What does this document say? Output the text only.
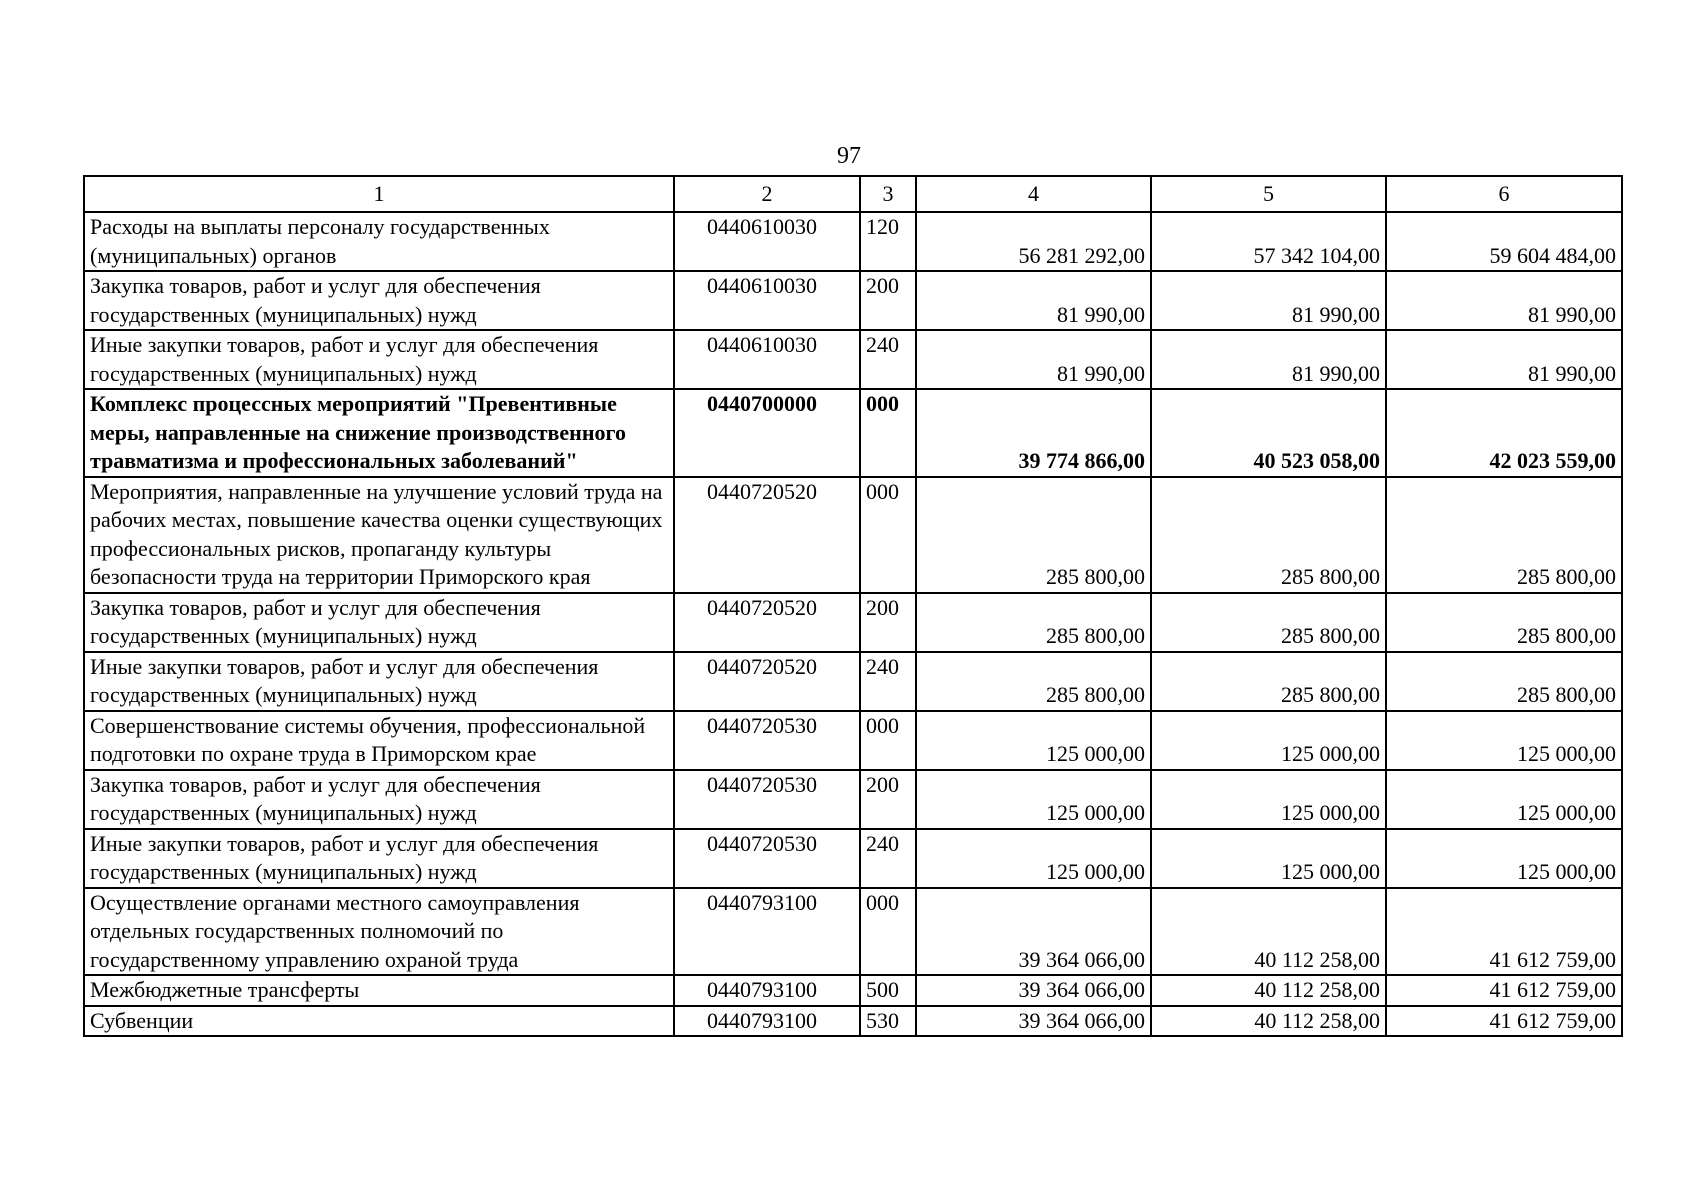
97
1	2	3	4	5	6
Расходы на выплаты персоналу государственных (муниципальных) органов	0440610030	120	56 281 292,00	57 342 104,00	59 604 484,00
Закупка товаров, работ и услуг для обеспечения государственных (муниципальных) нужд	0440610030	200	81 990,00	81 990,00	81 990,00
Иные закупки товаров, работ и услуг для обеспечения государственных (муниципальных) нужд	0440610030	240	81 990,00	81 990,00	81 990,00
Комплекс процессных мероприятий "Превентивные меры, направленные на снижение производственного травматизма и профессиональных заболеваний"	0440700000	000	39 774 866,00	40 523 058,00	42 023 559,00
Мероприятия, направленные на улучшение условий труда на рабочих местах, повышение качества оценки существующих профессиональных рисков, пропаганду культуры безопасности труда на территории Приморского края	0440720520	000	285 800,00	285 800,00	285 800,00
Закупка товаров, работ и услуг для обеспечения государственных (муниципальных) нужд	0440720520	200	285 800,00	285 800,00	285 800,00
Иные закупки товаров, работ и услуг для обеспечения государственных (муниципальных) нужд	0440720520	240	285 800,00	285 800,00	285 800,00
Совершенствование системы обучения, профессиональной подготовки по охране труда в Приморском крае	0440720530	000	125 000,00	125 000,00	125 000,00
Закупка товаров, работ и услуг для обеспечения государственных (муниципальных) нужд	0440720530	200	125 000,00	125 000,00	125 000,00
Иные закупки товаров, работ и услуг для обеспечения государственных (муниципальных) нужд	0440720530	240	125 000,00	125 000,00	125 000,00
Осуществление органами местного самоуправления отдельных государственных полномочий по государственному управлению охраной труда	0440793100	000	39 364 066,00	40 112 258,00	41 612 759,00
Межбюджетные трансферты	0440793100	500	39 364 066,00	40 112 258,00	41 612 759,00
Субвенции	0440793100	530	39 364 066,00	40 112 258,00	41 612 759,00
